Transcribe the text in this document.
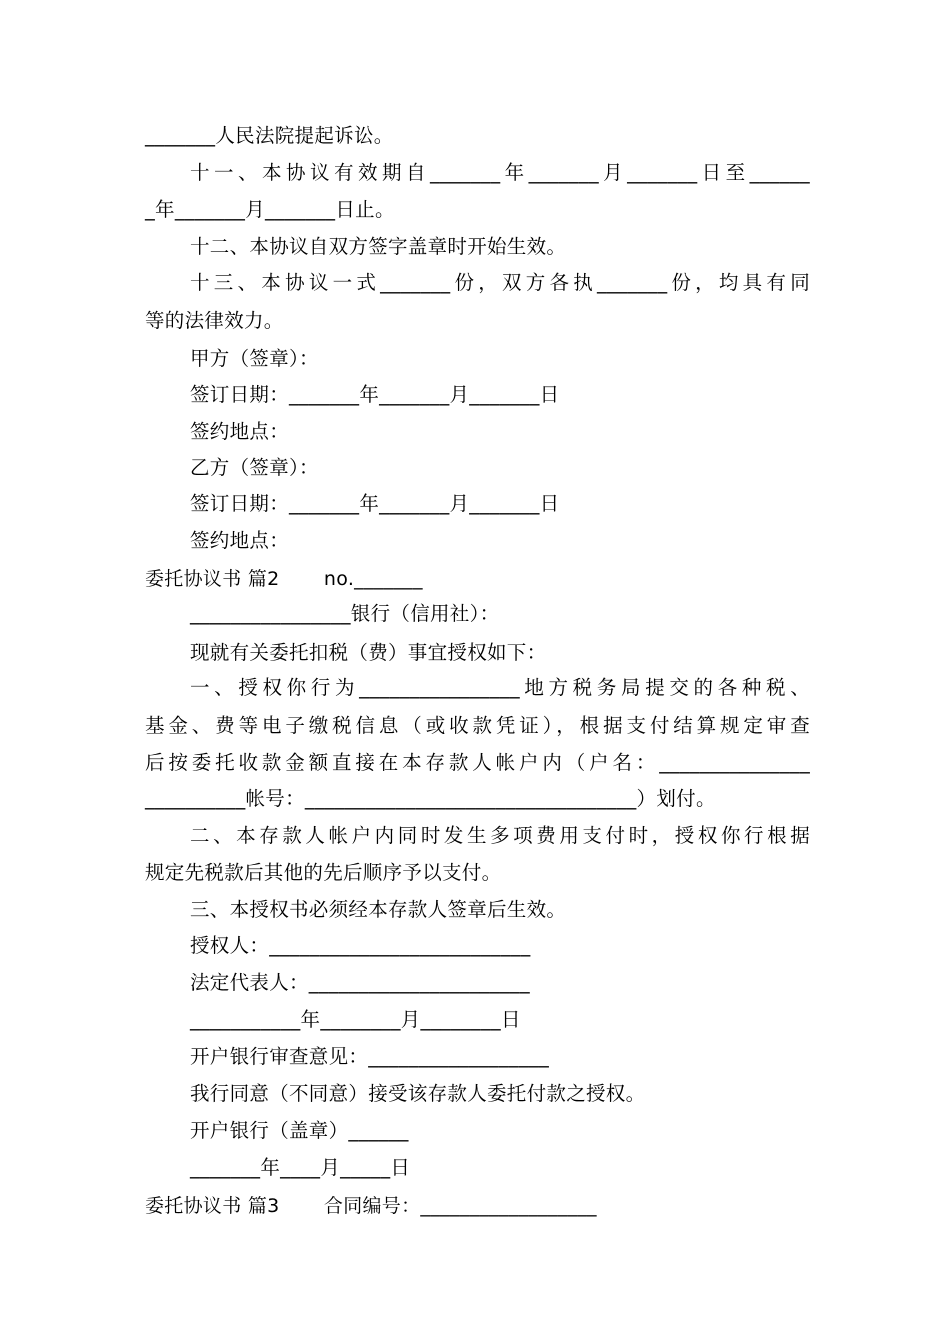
_______人民法院提起诉讼。
十一、本协议有效期自_______年_______月_______日至______
_年_______月_______日止。
十二、本协议自双方签字盖章时开始生效。
十三、本协议一式_______份，双方各执_______份，均具有同
等的法律效力。
甲方（签章）：
签订日期：_______年_______月_______日
签约地点：
乙方（签章）：
签订日期：_______年_______月_______日
签约地点：
委托协议书 篇2       no._______
________________银行（信用社）：
现就有关委托扣税（费）事宜授权如下：
一、授权你行为________________地方税务局提交的各种税、
基金、费等电子缴税信息（或收款凭证），根据支付结算规定审查
后按委托收款金额直接在本存款人帐户内（户名：_______________
__________帐号：_________________________________）划付。
二、本存款人帐户内同时发生多项费用支付时，授权你行根据
规定先税款后其他的先后顺序予以支付。
三、本授权书必须经本存款人签章后生效。
授权人：__________________________
法定代表人：______________________
___________年________月________日
开户银行审查意见：__________________
我行同意（不同意）接受该存款人委托付款之授权。
开户银行（盖章）______
_______年____月_____日
委托协议书 篇3       合同编号：__________________
